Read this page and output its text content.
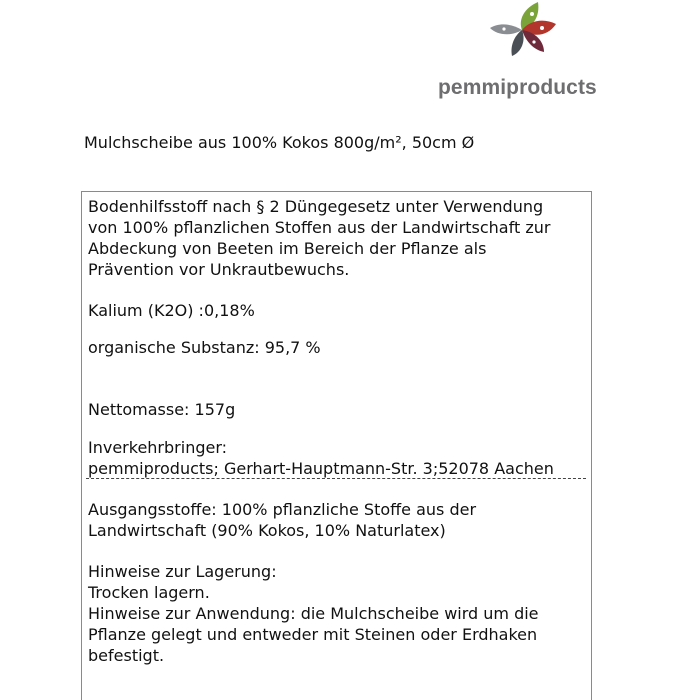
pemmiproducts
Mulchscheibe aus 100% Kokos 800g/m², 50cm Ø
Bodenhilfsstoff nach § 2 Düngegesetz unter Verwendung
von 100% pflanzlichen Stoffen aus der Landwirtschaft zur
Abdeckung von Beeten im Bereich der Pflanze als
Prävention vor Unkrautbewuchs.
Kalium (K2O) :0,18%
organische Substanz: 95,7 %
Nettomasse: 157g
Inverkehrbringer:
pemmiproducts; Gerhart-Hauptmann-Str. 3;52078 Aachen
Ausgangsstoffe: 100% pflanzliche Stoffe aus der
Landwirtschaft (90% Kokos, 10% Naturlatex)
Hinweise zur Lagerung:
Trocken lagern.
Hinweise zur Anwendung: die Mulchscheibe wird um die
Pflanze gelegt und entweder mit Steinen oder Erdhaken
befestigt.
